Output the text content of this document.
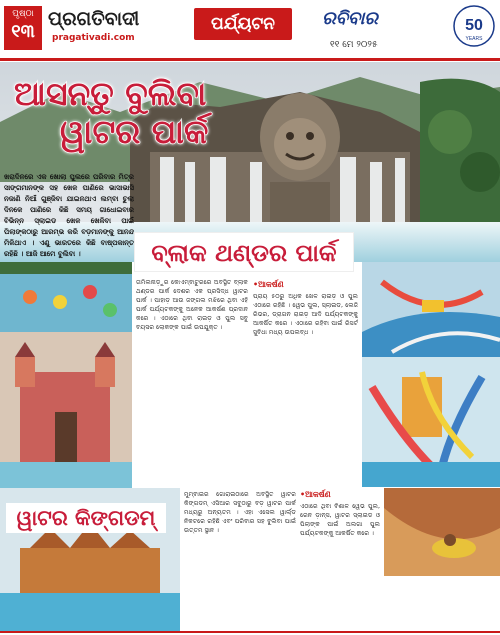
ପୃଷ୍ଠା
୧୩
ପ୍ରଗତିବାଦୀ
pragativadi.com
ପର୍ଯ୍ୟଟନ	ରବିବାର
୧୧ ମେ ୨୦୨୫
50
YEARS
ଆସନ୍ତୁ ବୁଲିବା
ୱାଟର ପାର୍କ
ଖରାଦିନରେ ଏକ ଖୋଲା ପୁଲରେ ପରିବାର ମିତ୍ର ସାଙ୍ଗମାନଙ୍କ ସହ ଖେଳ ପାଣିରେ ଭାସାଭାସି ନଜାଣି ନିଆଁ ଗୁଞ୍ଜିବା ଯାଇନଥାଏ ଲମ୍ବା ଚୁଲା ଦିନକେ ପାଣିରେ କିଛି ସମୟ ଗାଧୋଇବାର ବିଭିନ୍ନ ସ୍ଲାଇଡ ଖେଳ ଖେଳିବା ପାଇଁ ପିଲାଙ୍କଠାରୁ ଆରମ୍ଭ କରି ବଡ଼ମାନଙ୍କୁ ଆନନ୍ଦ ମିଳିଥାଏ । ଏଣୁ ଭାରତରେ କିଛି ବାଷ୍ପକାନ୍ତ ରହିଛି । ଆଜି ଆମେ ବୁଲିବା ।	ବ୍ଲାକ ଥଣ୍ଡର ପାର୍କ
ତାମିଲନାଡ଼ୁର କୋଏମ୍ବାଟୁରରେ ଅବସ୍ଥିତ ବ୍ଲାକ ଥଣ୍ଡର ପାର୍କ ଦେଶର ଏକ ପ୍ରସିଦ୍ଧ ୱାଟର ପାର୍କ । ପାହାଡ଼ ଆଉ ଜଙ୍ଗଲ ମଝିରେ ଥିବା ଏହି ପାର୍କ ପର୍ଯ୍ୟଟକଙ୍କୁ ଅନେକ ଆକର୍ଷଣ ପ୍ରଦାନ କରେ । ଏଠାରେ ଥିବା ରାଇଡ଼ ଓ ପୁଲ ସବୁ ବୟସର ଲୋକଙ୍କ ପାଇଁ ଉପଯୁକ୍ତ ।
•ଆକର୍ଷଣ
ପ୍ରାୟ ୫୦ରୁ ଅଧିକ ଖେଳ ରାଇଡ଼ ଓ ପୁଲ ଏଠାରେ ରହିଛି । ୱେଭ ପୁଲ, ସ୍ଲାଇଡ, ଲେଜି ରିଭର, ଡ୍ରାଗନ ରାଇଡ଼ ଆଦି ପର୍ଯ୍ୟଟକଙ୍କୁ ଆକର୍ଷିତ କରେ । ଏଠାରେ ରହିବା ପାଇଁ ରିସର୍ଟ ସୁବିଧା ମଧ୍ୟ ଉପଲବ୍ଧ ।
ୱାଟର କିଙ୍ଗଡମ୍
ମୁମ୍ବାଇର ଗୋରାଇଠାରେ ଅବସ୍ଥିତ ୱାଟର କିଙ୍ଗଡମ୍ ଏସିଆର ସବୁଠାରୁ ବଡ଼ ୱାଟର ପାର୍କ ମଧ୍ୟରୁ ଅନ୍ୟତମ । ଏହା ଏସେଲ ୱାର୍ଲ୍ଡ ନିକଟରେ ରହିଛି ଏବଂ ପରିବାର ସହ ବୁଲିବା ପାଇଁ ଉତ୍ତମ ସ୍ଥାନ ।
•ଆକର୍ଷଣ
ଏଠାରେ ଥିବା ବିଶାଳ ୱେଭ ପୁଲ, ରେନ ଡ଼ାନ୍ସ, ୱାଟର ସ୍ଲାଇଡ ଓ ପିଲାଙ୍କ ପାଇଁ ଅଲଗା ପୁଲ ପର୍ଯ୍ୟଟକଙ୍କୁ ଆକର୍ଷିତ କରେ ।
